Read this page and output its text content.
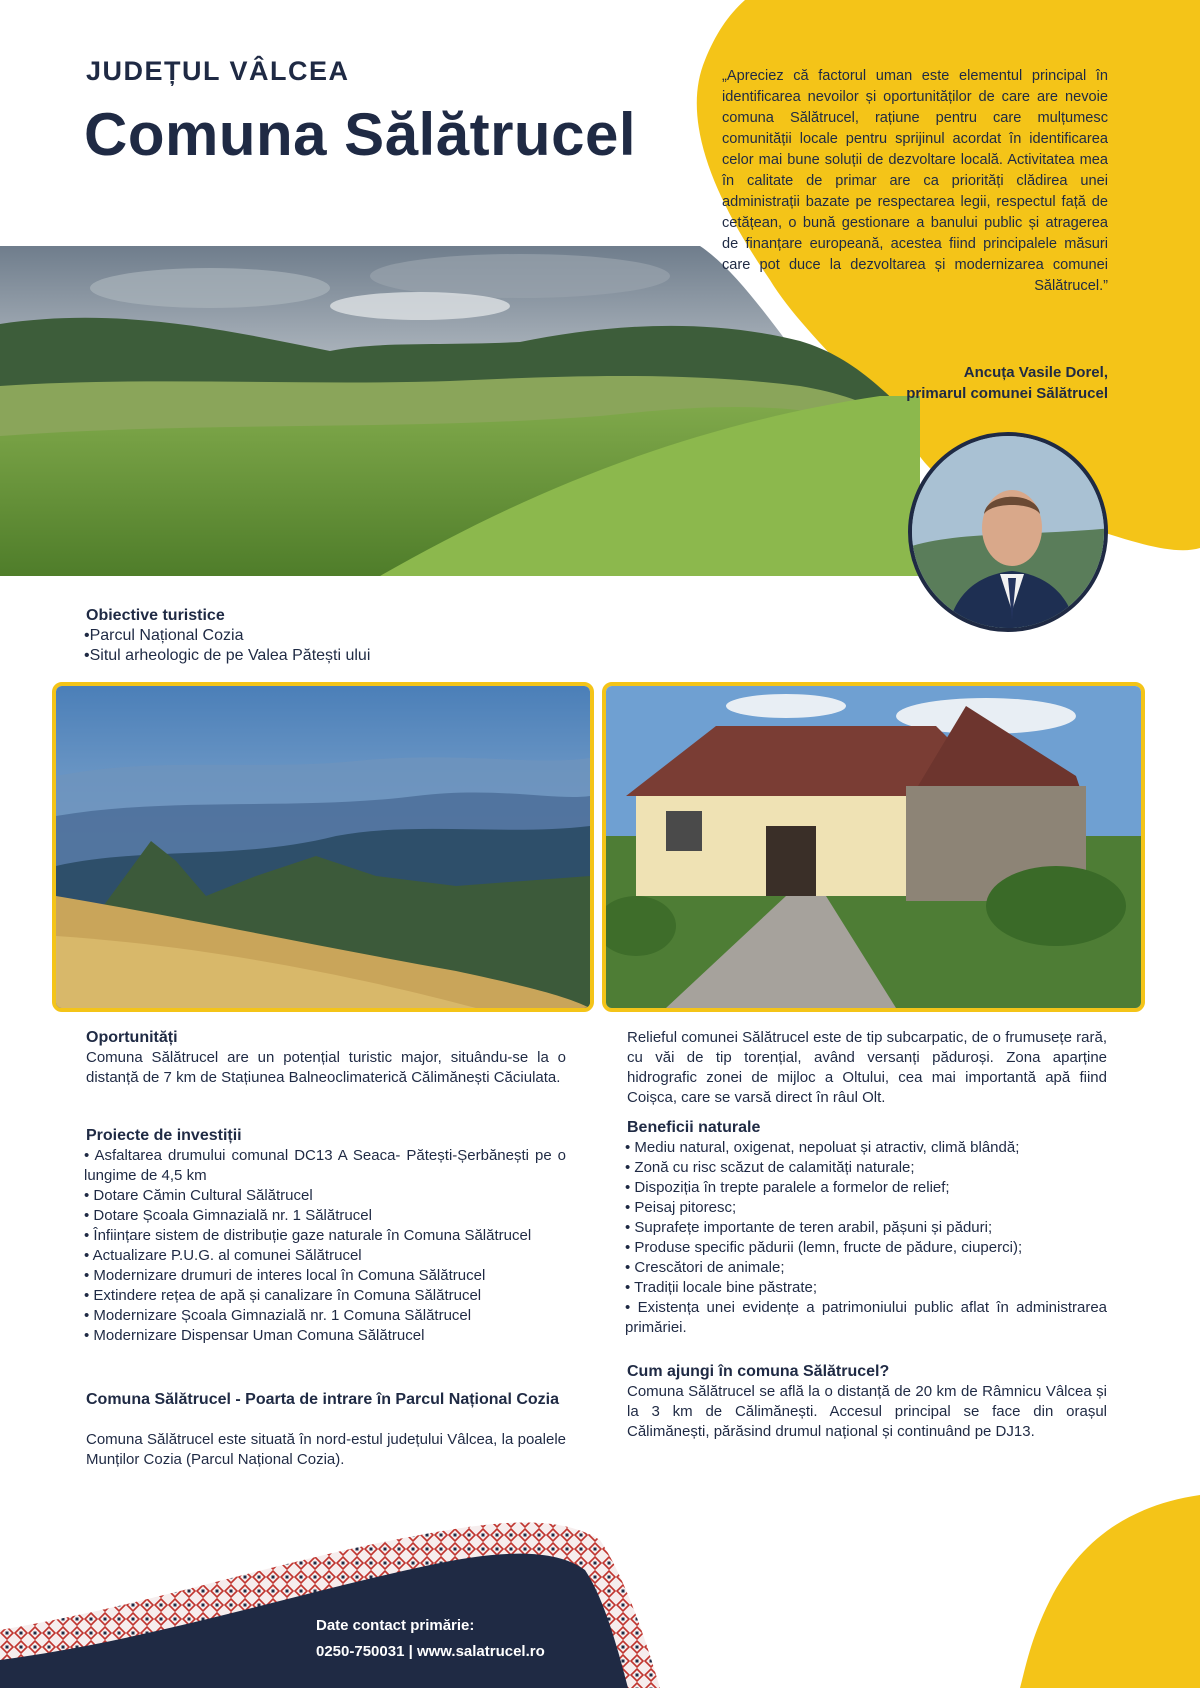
JUDEȚUL VÂLCEA
Comuna Sălătrucel
„Apreciez că factorul uman este elementul principal în identificarea nevoilor și oportunităților de care are nevoie comuna Sălătrucel, rațiune pentru care mulțumesc comunității locale pentru sprijinul acordat în identificarea celor mai bune soluții de dezvoltare locală. Activitatea mea în calitate de primar are ca priorități clădirea unei administrații bazate pe respectarea legii, respectul față de cetățean, o bună gestionare a banului public și atragerea de finanțare europeană, acestea fiind principalele măsuri care pot duce la dezvoltarea și modernizarea comunei Sălătrucel.”
Ancuța Vasile Dorel,
primarul comunei Sălătrucel
Obiective turistice
• Parcul Național Cozia
• Situl arheologic de pe Valea Pătești ului
Oportunități
Comuna Sălătrucel are un potențial turistic major, situându-se la o distanță de 7 km de Stațiunea Balneoclimaterică Călimănești Căciulata.
Proiecte de investiții
• Asfaltarea drumului comunal DC13 A Seaca- Pătești-Șerbănești pe o lungime de 4,5 km
• Dotare Cămin Cultural Sălătrucel
• Dotare Școala Gimnazială nr. 1 Sălătrucel
• Înființare sistem de distribuție gaze naturale în Comuna Sălătrucel
• Actualizare P.U.G. al comunei Sălătrucel
• Modernizare drumuri de interes local în Comuna Sălătrucel
• Extindere rețea de apă și canalizare în Comuna Sălătrucel
• Modernizare Școala Gimnazială nr. 1 Comuna Sălătrucel
• Modernizare Dispensar Uman Comuna Sălătrucel
Comuna Sălătrucel - Poarta de intrare în Parcul Național Cozia
Comuna Sălătrucel este situată în nord-estul județului Vâlcea, la poalele Munților Cozia (Parcul Național Cozia).
Relieful comunei Sălătrucel este de tip subcarpatic, de o frumusețe rară, cu văi de tip torențial, având versanți păduroși. Zona aparține hidrografic zonei de mijloc a Oltului, cea mai importantă apă fiind Coișca, care se varsă direct în râul Olt.
Beneficii naturale
• Mediu natural, oxigenat, nepoluat și atractiv, climă blândă;
• Zonă cu risc scăzut de calamități naturale;
• Dispoziția în trepte paralele a formelor de relief;
• Peisaj pitoresc;
• Suprafețe importante de teren arabil, pășuni și păduri;
• Produse specific pădurii (lemn, fructe de pădure, ciuperci);
• Crescători de animale;
• Tradiții locale bine păstrate;
• Existența unei evidențe a patrimoniului public aflat în administrarea primăriei.
Cum ajungi în comuna Sălătrucel?
Comuna Sălătrucel se află la o distanță de 20 km de Râmnicu Vâlcea și la 3 km de Călimănești. Accesul principal se face din orașul Călimănești, părăsind drumul național și continuând pe DJ13.
Date contact primărie:
0250-750031 | www.salatrucel.ro
